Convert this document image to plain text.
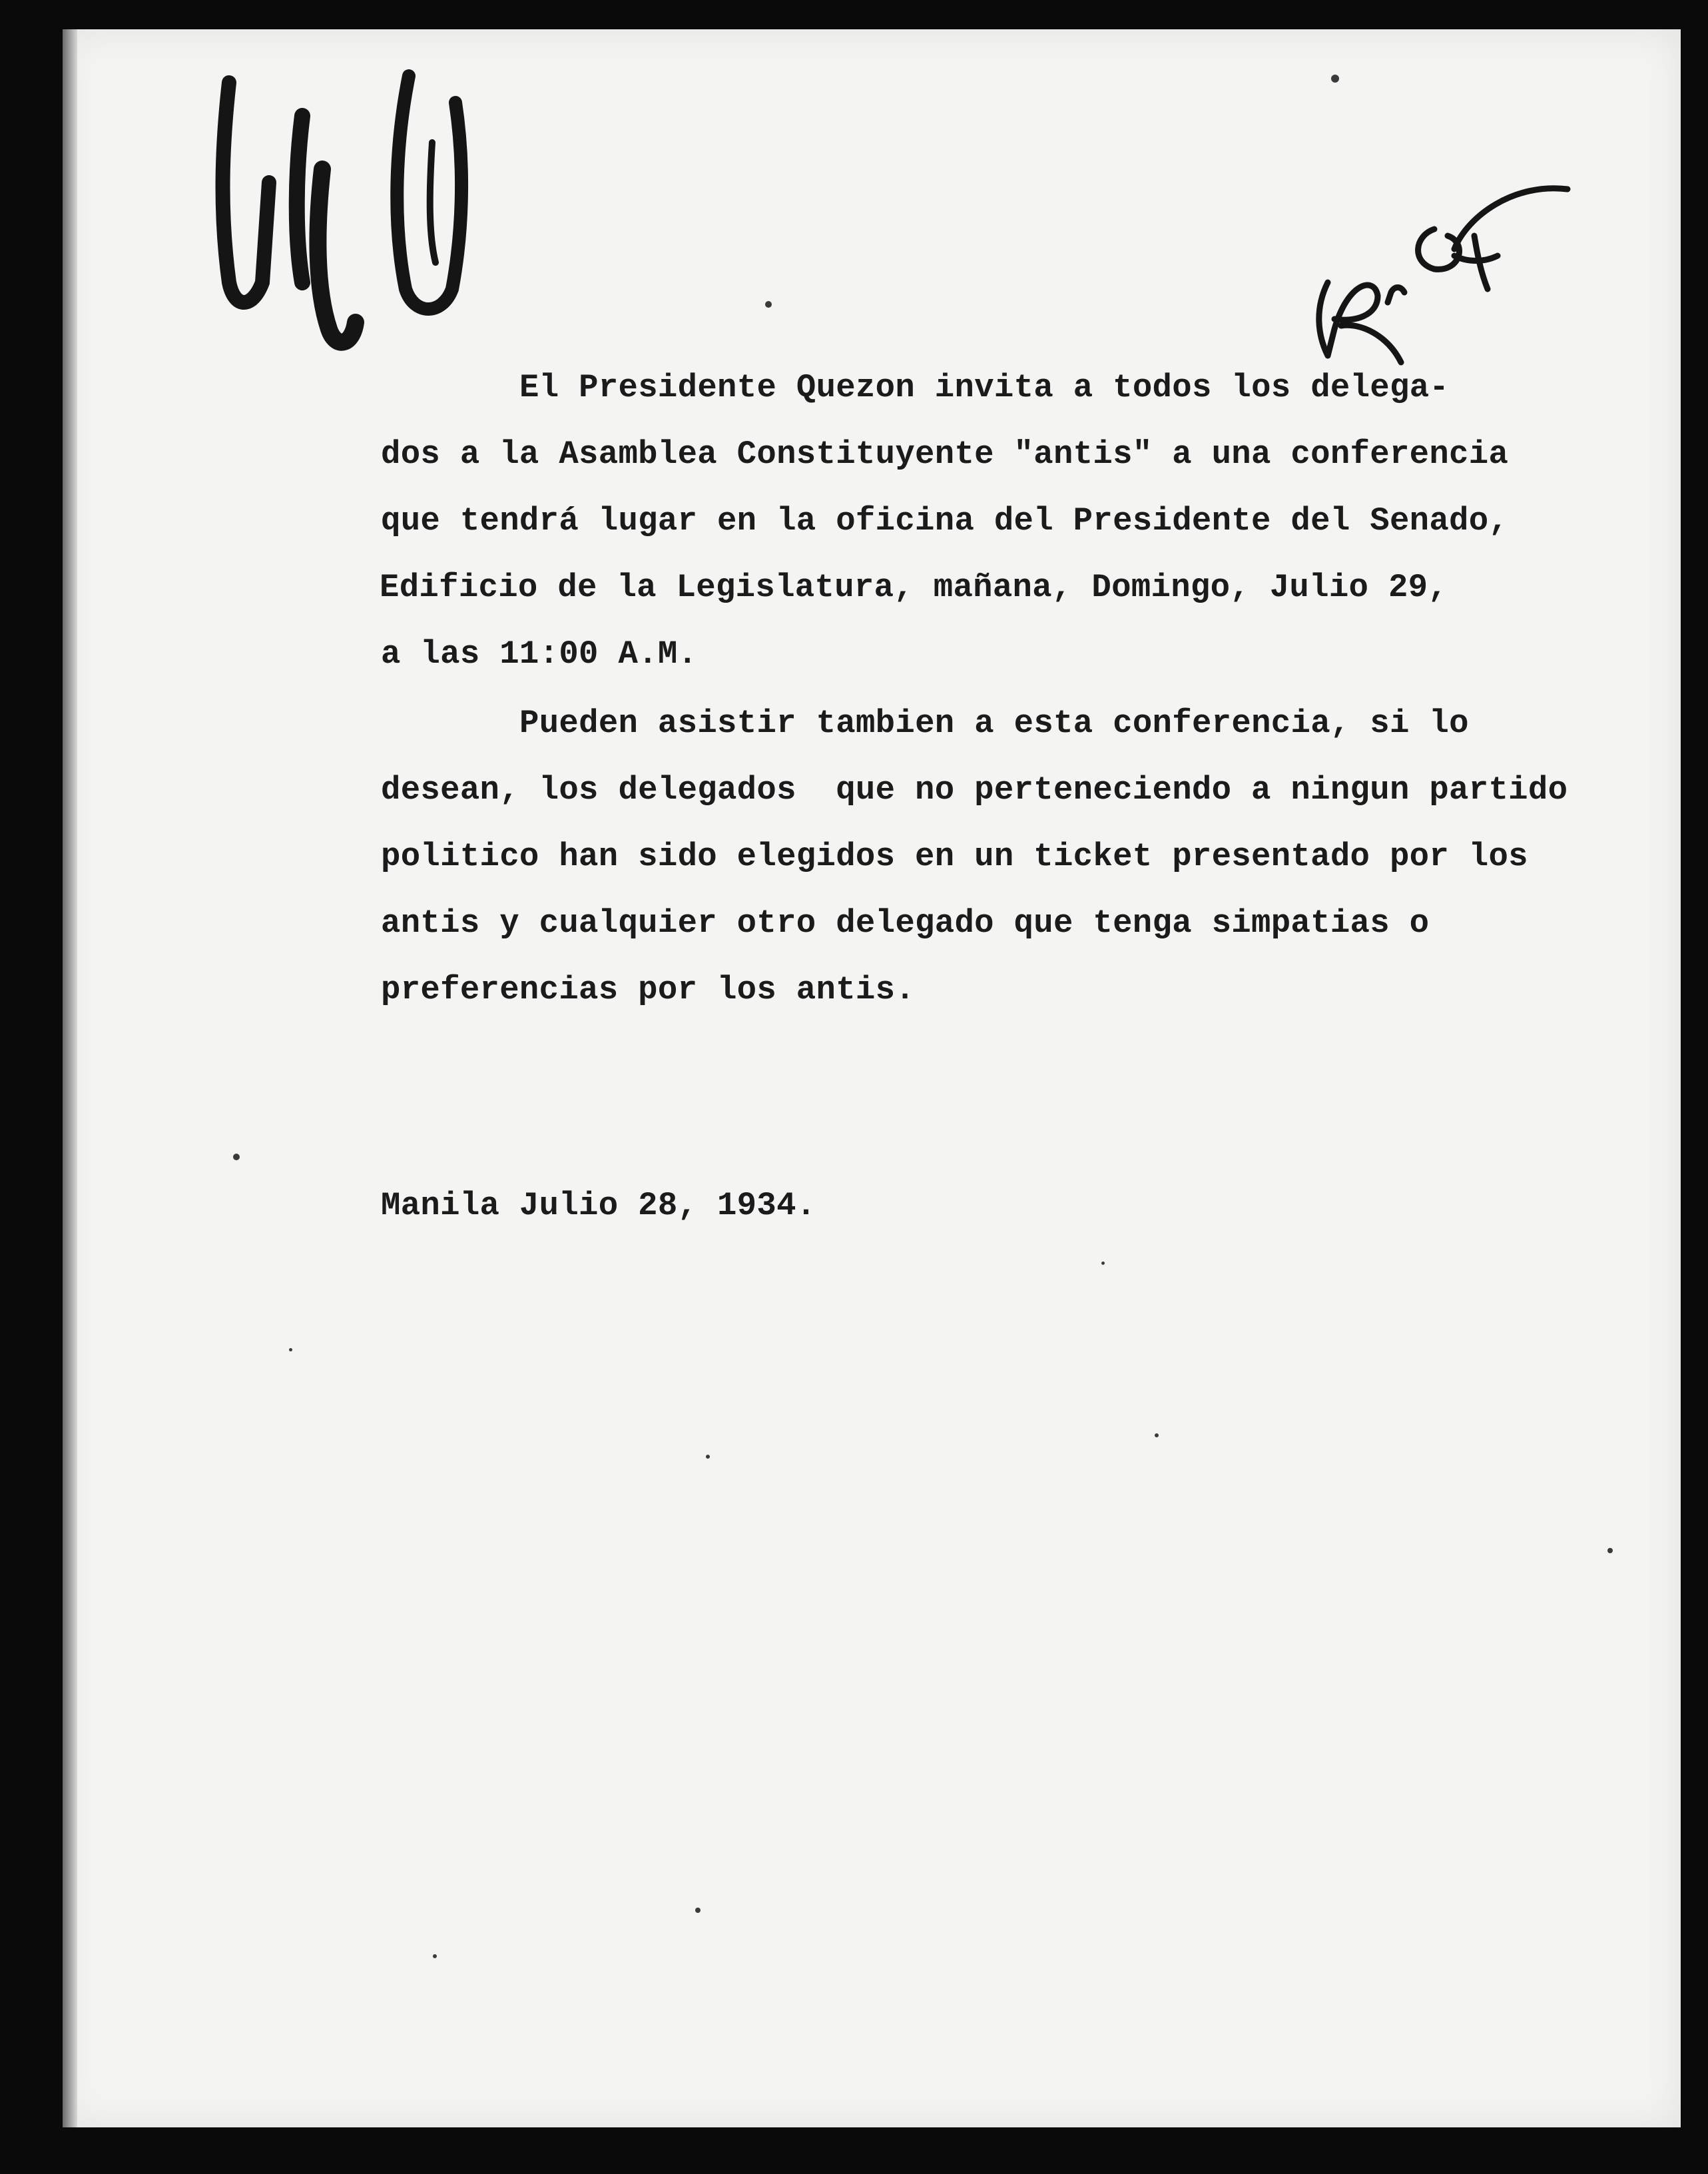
El Presidente Quezon invita a todos los delega-
dos a la Asamblea Constituyente "antis" a una conferencia
que tendrá lugar en la oficina del Presidente del Senado,
Edificio de la Legislatura, mañana, Domingo, Julio 29,
a las 11:00 A.M.
Pueden asistir tambien a esta conferencia, si lo
desean, los delegados  que no perteneciendo a ningun partido
politico han sido elegidos en un ticket presentado por los
antis y cualquier otro delegado que tenga simpatias o
preferencias por los antis.
Manila Julio 28, 1934.
